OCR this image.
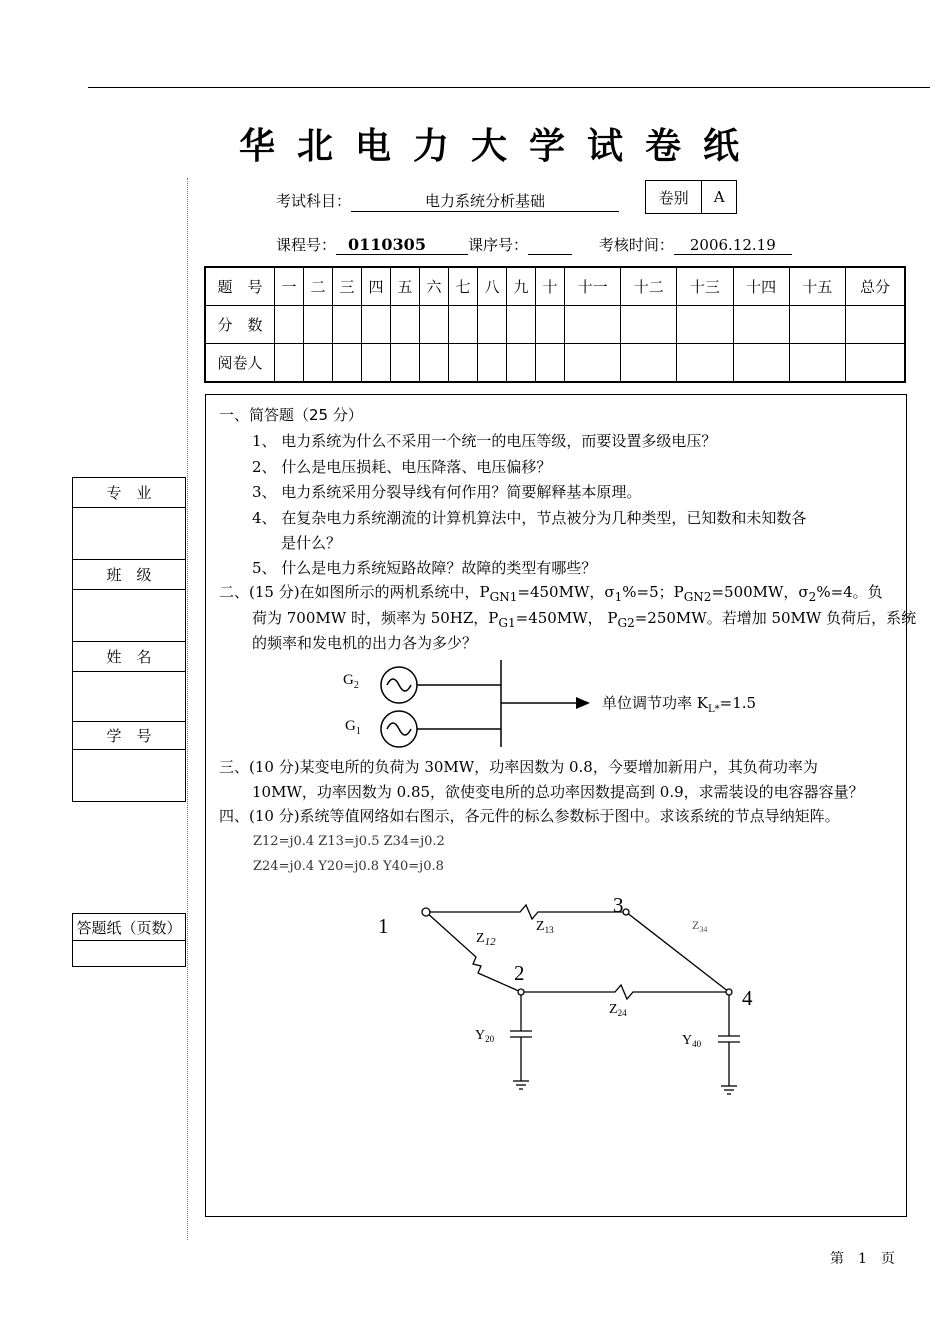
华北电力大学试卷纸
考试科目：	电力系统分析基础	卷别	A
课程号： 0110305	课序号：	考核时间： 2006.12.19
题　号	一	二	三	四	五	六	七	八	九	十	十一	十二	十三	十四	十五	总分
分　数																
阅卷人																
专　业
班　级
姓　名
学　号
答题纸（页数）
一、简答题（25 分）
1、 电力系统为什么不采用一个统一的电压等级，而要设置多级电压？
2、 什么是电压损耗、电压降落、电压偏移？
3、 电力系统采用分裂导线有何作用？简要解释基本原理。
4、 在复杂电力系统潮流的计算机算法中，节点被分为几种类型，已知数和未知数各
是什么？
5、 什么是电力系统短路故障？故障的类型有哪些？
二、(15 分)在如图所示的两机系统中，$P_{GN1}=450MW$，$\sigma_1\%=5$；$P_{GN2}=500MW$，$\sigma_2\%=4$。负
荷为 700MW 时，频率为 50HZ，$P_{G1}=450MW$， $P_{G2}=250MW$。若增加 50MW 负荷后，系统
的频率和发电机的出力各为多少？
$G_2$
$G_1$
单位调节功率 $K_{L*}=1.5$
三、(10 分)某变电所的负荷为 30MW，功率因数为 0.8，今要增加新用户，其负荷功率为
10MW，功率因数为 0.85，欲使变电所的总功率因数提高到 0.9，求需装设的电容器容量？
四、(10 分)系统等值网络如右图示，各元件的标么参数标于图中。求该系统的节点导纳矩阵。
Z12=j0.4 Z13=j0.5 Z34=j0.2
Z24=j0.4 Y20=j0.8 Y40=j0.8
1
3
2
4
$Z_{12}$
$Z_{13}$	$Z_{34}$
$Z_{24}$
$Y_{20}$	$Y_{40}$
第　1　页
